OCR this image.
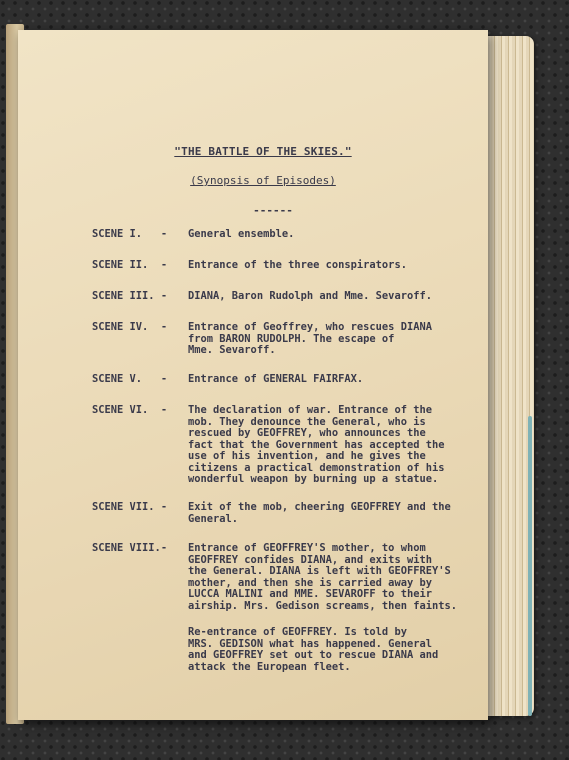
"THE BATTLE OF THE SKIES."
(Synopsis of Episodes)
------
SCENE I.   -	General ensemble.
SCENE II.  -	Entrance of the three conspirators.
SCENE III. -	DIANA, Baron Rudolph and Mme. Sevaroff.
SCENE IV.  -	Entrance of Geoffrey, who rescues DIANA
from BARON RUDOLPH. The escape of
Mme. Sevaroff.
SCENE V.   -	Entrance of GENERAL FAIRFAX.
SCENE VI.  -	The declaration of war. Entrance of the
mob. They denounce the General, who is
rescued by GEOFFREY, who announces the
fact that the Government has accepted the
use of his invention, and he gives the
citizens a practical demonstration of his
wonderful weapon by burning up a statue.
SCENE VII. -	Exit of the mob, cheering GEOFFREY and the
General.
SCENE VIII.-	Entrance of GEOFFREY'S mother, to whom
GEOFFREY confides DIANA, and exits with
the General. DIANA is left with GEOFFREY'S
mother, and then she is carried away by
LUCCA MALINI and MME. SEVAROFF to their
airship. Mrs. Gedison screams, then faints.
Re-entrance of GEOFFREY. Is told by
MRS. GEDISON what has happened. General
and GEOFFREY set out to rescue DIANA and
attack the European fleet.
